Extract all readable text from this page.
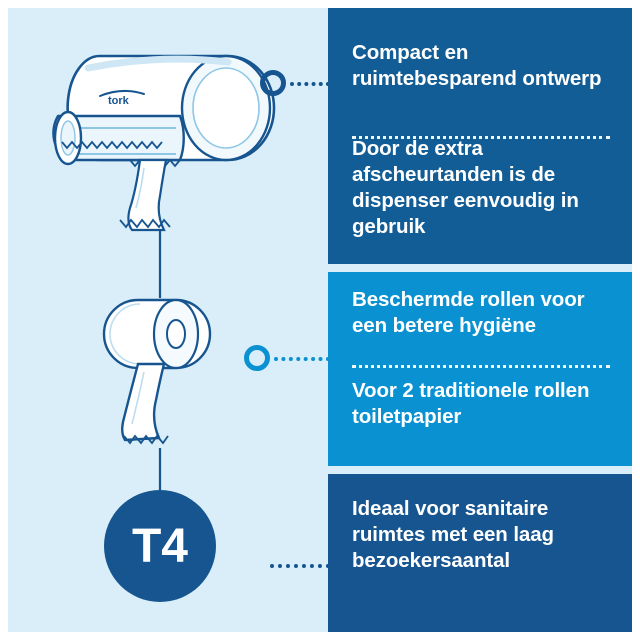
tork
T4

Compact en ruimtebesparend ontwerp

Door de extra afscheurtanden is de dispenser eenvoudig in gebruik

Beschermde rollen voor een betere hygiëne

Voor 2 traditionele rollen toiletpapier

Ideaal voor sanitaire ruimtes met een laag bezoekersaantal
